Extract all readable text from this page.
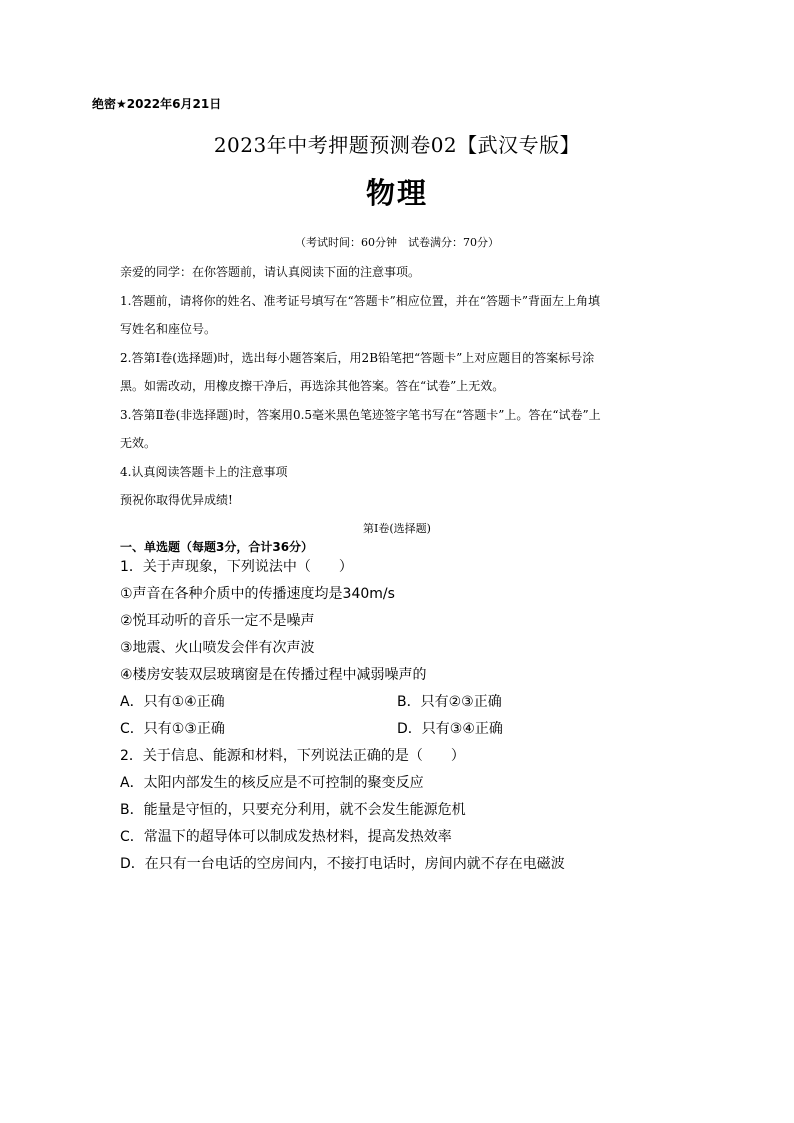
绝密★2022年6月21日
2023年中考押题预测卷02【武汉专版】
物理
（考试时间：60分钟　试卷满分：70分）
亲爱的同学：在你答题前，请认真阅读下面的注意事项。
1.答题前，请将你的姓名、准考证号填写在“答题卡”相应位置，并在“答题卡”背面左上角填
写姓名和座位号。
2.答第Ⅰ卷(选择题)时，选出每小题答案后，用2B铅笔把“答题卡”上对应题目的答案标号涂
黑。如需改动，用橡皮擦干净后，再选涂其他答案。答在“试卷”上无效。
3.答第Ⅱ卷(非选择题)时，答案用0.5毫米黑色笔迹签字笔书写在“答题卡”上。答在“试卷”上
无效。
4.认真阅读答题卡上的注意事项
预祝你取得优异成绩!
第Ⅰ卷(选择题)
一、单选题（每题3分，合计36分）
1．关于声现象，下列说法中（　　）
①声音在各种介质中的传播速度均是340m/s
②悦耳动听的音乐一定不是噪声
③地震、火山喷发会伴有次声波
④楼房安装双层玻璃窗是在传播过程中减弱噪声的
A．只有①④正确	B．只有②③正确
C．只有①③正确	D．只有③④正确
2．关于信息、能源和材料，下列说法正确的是（　　）
A．太阳内部发生的核反应是不可控制的聚变反应
B．能量是守恒的，只要充分利用，就不会发生能源危机
C．常温下的超导体可以制成发热材料，提高发热效率
D．在只有一台电话的空房间内，不接打电话时，房间内就不存在电磁波
